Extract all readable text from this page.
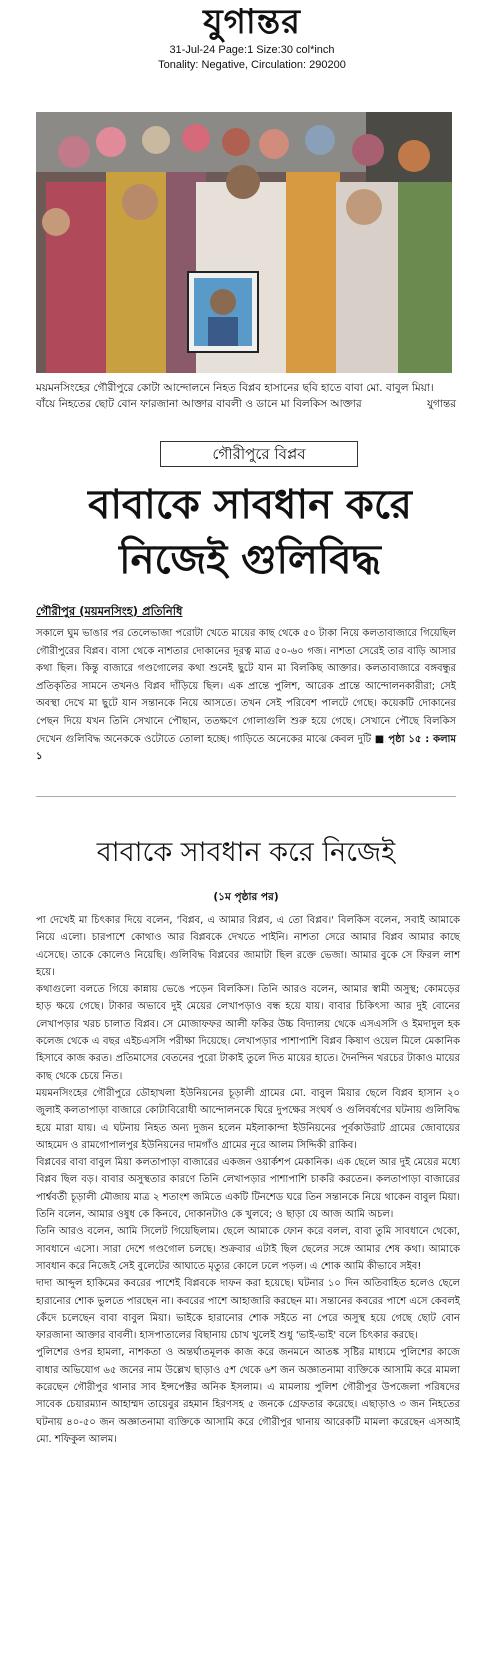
যুগান্তর
31-Jul-24 Page:1 Size:30 col*inch
Tonality: Negative, Circulation: 290200

ময়মনসিংহের গৌরীপুরে কোটা আন্দোলনে নিহত বিপ্লব হাসানের ছবি হাতে বাবা মো. বাবুল মিয়া। বাঁয়ে নিহতের ছোট বোন ফারজানা আক্তার বাবলী ও ডানে মা বিলকিস আক্তার	যুগান্তর

গৌরীপুরে বিপ্লব
বাবাকে সাবধান করে
নিজেই গুলিবিদ্ধ
গৌরীপুর (ময়মনসিংহ) প্রতিনিধি

সকালে ঘুম ভাঙার পর তেলেভাজা পরোটা খেতে মায়ের কাছ থেকে ৫০ টাকা নিয়ে কলতাবাজারে গিয়েছিল গৌরীপুরের বিপ্লব। বাসা থেকে নাশতার দোকানের দূরত্ব মাত্র ৫০-৬০ গজ। নাশতা সেরেই তার বাড়ি আসার কথা ছিল। কিন্তু বাজারে গণ্ডগোলের কথা শুনেই ছুটে যান মা বিলকিছ আক্তার। কলতাবাজারে বঙ্গবন্ধুর প্রতিকৃতির সামনে তখনও বিপ্লব দাঁড়িয়ে ছিল। এক প্রান্তে পুলিশ, আরেক প্রান্তে আন্দোলনকারীরা; সেই অবস্থা দেখে মা ছুটে যান সন্তানকে নিয়ে আসতে। তখন সেই পরিবেশ পালটে গেছে। কয়েকটি দোকানের পেছন দিয়ে যখন তিনি সেখানে পৌছান, ততক্ষণে গোলাগুলি শুরু হয়ে গেছে। সেখানে পৌছে বিলকিস দেখেন গুলিবিদ্ধ অনেককে ওটোতে তোলা হচ্ছে। গাড়িতে অনেকের মাঝে কেবল দুটি ■ পৃষ্ঠা ১৫ : কলাম ১

বাবাকে সাবধান করে নিজেই
(১ম পৃষ্ঠার পর)

পা দেখেই মা চিৎকার দিয়ে বলেন, 'বিপ্লব, এ আমার বিপ্লব, এ তো বিপ্লব।' বিলকিস বলেন, সবাই আমাকে নিয়ে এলো। চারপাশে কোথাও আর বিপ্লবকে দেখতে পাইনি। নাশতা সেরে আমার বিপ্লব আমার কাছে এসেছে। তাকে কোলেও নিয়েছি। গুলিবিদ্ধ বিপ্লবের জামাটা ছিল রক্তে ভেজা। আমার বুকে সে ফিরল লাশ হয়ে।

কথাগুলো বলতে গিয়ে কান্নায় ভেঙে পড়েন বিলকিস। তিনি আরও বলেন, আমার স্বামী অসুস্থ; কোমড়ের হাড় ক্ষয়ে গেছে। টাকার অভাবে দুই মেয়ের লেখাপড়াও বন্ধ হয়ে যায়। বাবার চিকিৎসা আর দুই বোনের লেখাপড়ার খরচ চালাত বিপ্লব। সে মোজাফফর আলী ফকির উচ্চ বিদ্যালয় থেকে এসএসসি ও ইমদাদুল হক কলেজ থেকে এ বছর এইচএসসি পরীক্ষা দিয়েছে। লেখাপড়ার পাশাপাশি বিপ্লব কিষাণ ওয়েল মিলে মেকানিক হিসাবে কাজ করত। প্রতিমাসের বেতনের পুরো টাকাই তুলে দিত মায়ের হাতে। দৈনন্দিন খরচের টাকাও মায়ের কাছ থেকে চেয়ে নিত।

ময়মনসিংহের গৌরীপুরে ডৌহাখলা ইউনিয়নের চূড়ালী গ্রামের মো. বাবুল মিয়ার ছেলে বিপ্লব হাসান ২০ জুলাই কলতাপাড়া বাজারে কোটাবিরোধী আন্দোলনকে ঘিরে দুপক্ষের সংঘর্ষ ও গুলিবর্ষণের ঘটনায় গুলিবিদ্ধ হয়ে মারা যায়। এ ঘটনায় নিহত অন্য দুজন হলেন মইলাকান্দা ইউনিয়নের পূর্বকাউরাট গ্রামের জোবায়ের আহমেদ ও রামগোপালপুর ইউনিয়নের দামগাঁও গ্রামের নূরে আলম সিদ্দিকী রাকিব।

বিপ্লবের বাবা বাবুল মিয়া কলতাপাড়া বাজারের একজন ওয়ার্কশপ মেকানিক। এক ছেলে আর দুই মেয়ের মধ্যে বিপ্লব ছিল বড়। বাবার অসুস্থতার কারণে তিনি লেখাপড়ার পাশাপাশি চাকরি করতেন। কলতাপাড়া বাজারের পার্শ্ববর্তী চূড়ালী মৌজায় মাত্র ২ শতাংশ জমিতে একটি টিনশেড ঘরে তিন সন্তানকে নিয়ে থাকেন বাবুল মিয়া। তিনি বলেন, আমার ওষুধ কে কিনবে, দোকানটাও কে খুলবে; ও ছাড়া যে আজ আমি অচল।

তিনি আরও বলেন, আমি সিলেট গিয়েছিলাম। ছেলে আমাকে ফোন করে বলল, বাবা তুমি সাবধানে থেকো, সাবধানে এসো। সারা দেশে গণ্ডগোল চলছে। শুক্রবার এটাই ছিল ছেলের সঙ্গে আমার শেষ কথা। আমাকে সাবধান করে নিজেই সেই বুলেটের আঘাতে মৃত্যুর কোলে ঢলে পড়ল। এ শোক আমি কীভাবে সইব!

দাদা আব্দুল হাকিমের কবরের পাশেই বিপ্লবকে দাফন করা হয়েছে। ঘটনার ১০ দিন অতিবাহিত হলেও ছেলে হারানোর শোক ভুলতে পারছেন না। কবরের পাশে আহাজারি করছেন মা। সন্তানের কবরের পাশে এসে কেবলই কেঁদে চলেছেন বাবা বাবুল মিয়া। ভাইকে হারানোর শোক সইতে না পেরে অসুস্থ হয়ে গেছে ছোট বোন ফারজানা আক্তার বাবলী। হাসপাতালের বিছানায় চোখ খুলেই শুধু 'ভাই-ভাই' বলে চিৎকার করছে।

পুলিশের ওপর হামলা, নাশকতা ও অন্তর্ঘাতমূলক কাজ করে জনমনে আতঙ্ক সৃষ্টির মাধ্যমে পুলিশের কাজে বাধার অভিযোগ ৬৫ জনের নাম উল্লেখ ছাড়াও ৫শ থেকে ৬শ জন অজ্ঞাতনামা ব্যক্তিকে আসামি করে মামলা করেছেন গৌরীপুর থানার সাব ইন্সপেক্টর অনিক ইসলাম। এ মামলায় পুলিশ গৌরীপুর উপজেলা পরিষদের সাবেক চেয়ারম্যান আহাম্মদ তায়েবুর রহমান হিরণসহ ৫ জনকে গ্রেফতার করেছে। এছাড়াও ৩ জন নিহতের ঘটনায় ৪০-৫০ জন অজ্ঞাতনামা ব্যক্তিকে আসামি করে গৌরীপুর থানায় আরেকটি মামলা করেছেন এসআই মো. শফিকুল আলম।
